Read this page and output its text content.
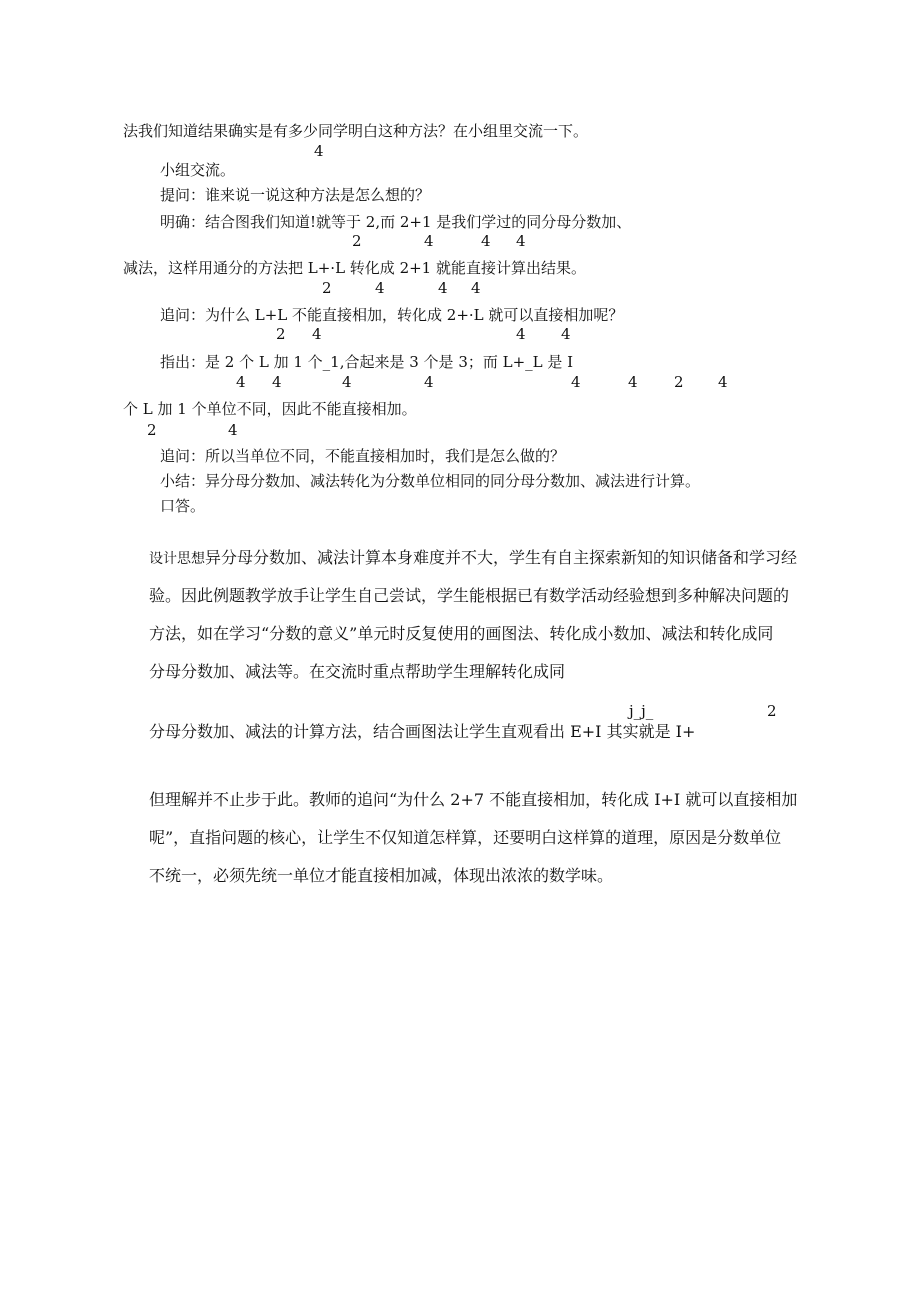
法我们知道结果确实是有多少同学明白这种方法？在小组里交流一下。
4
小组交流。
提问：谁来说一说这种方法是怎么想的？
明确：结合图我们知道!就等于 2,而 2+1 是我们学过的同分母分数加、
2	4	4 4
减法，这样用通分的方法把 L+·L 转化成 2+1 就能直接计算出结果。
2	4	4 4
追问：为什么 L+L 不能直接相加，转化成 2+·L 就可以直接相加呢？
2 4	4 4
指出：是 2 个 L 加 1 个_1,合起来是 3 个是 3；而 L+_L 是 I
4 4	4	4	4	4 2 4
个 L 加 1 个单位不同，因此不能直接相加。
2	4
追问：所以当单位不同，不能直接相加时，我们是怎么做的？
小结：异分母分数加、减法转化为分数单位相同的同分母分数加、减法进行计算。
口答。
设计思想异分母分数加、减法计算本身难度并不大，学生有自主探索新知的知识储备和学习经
验。因此例题教学放手让学生自己尝试，学生能根据已有数学活动经验想到多种解决问题的
方法，如在学习“分数的意义”单元时反复使用的画图法、转化成小数加、减法和转化成同
分母分数加、减法等。在交流时重点帮助学生理解转化成同
j_j_	2
分母分数加、减法的计算方法，结合画图法让学生直观看出 E+I 其实就是 I+
但理解并不止步于此。教师的追问“为什么 2+7 不能直接相加，转化成 I+I 就可以直接相加
呢”，直指问题的核心，让学生不仅知道怎样算，还要明白这样算的道理，原因是分数单位
不统一，必须先统一单位才能直接相加减，体现出浓浓的数学味。
